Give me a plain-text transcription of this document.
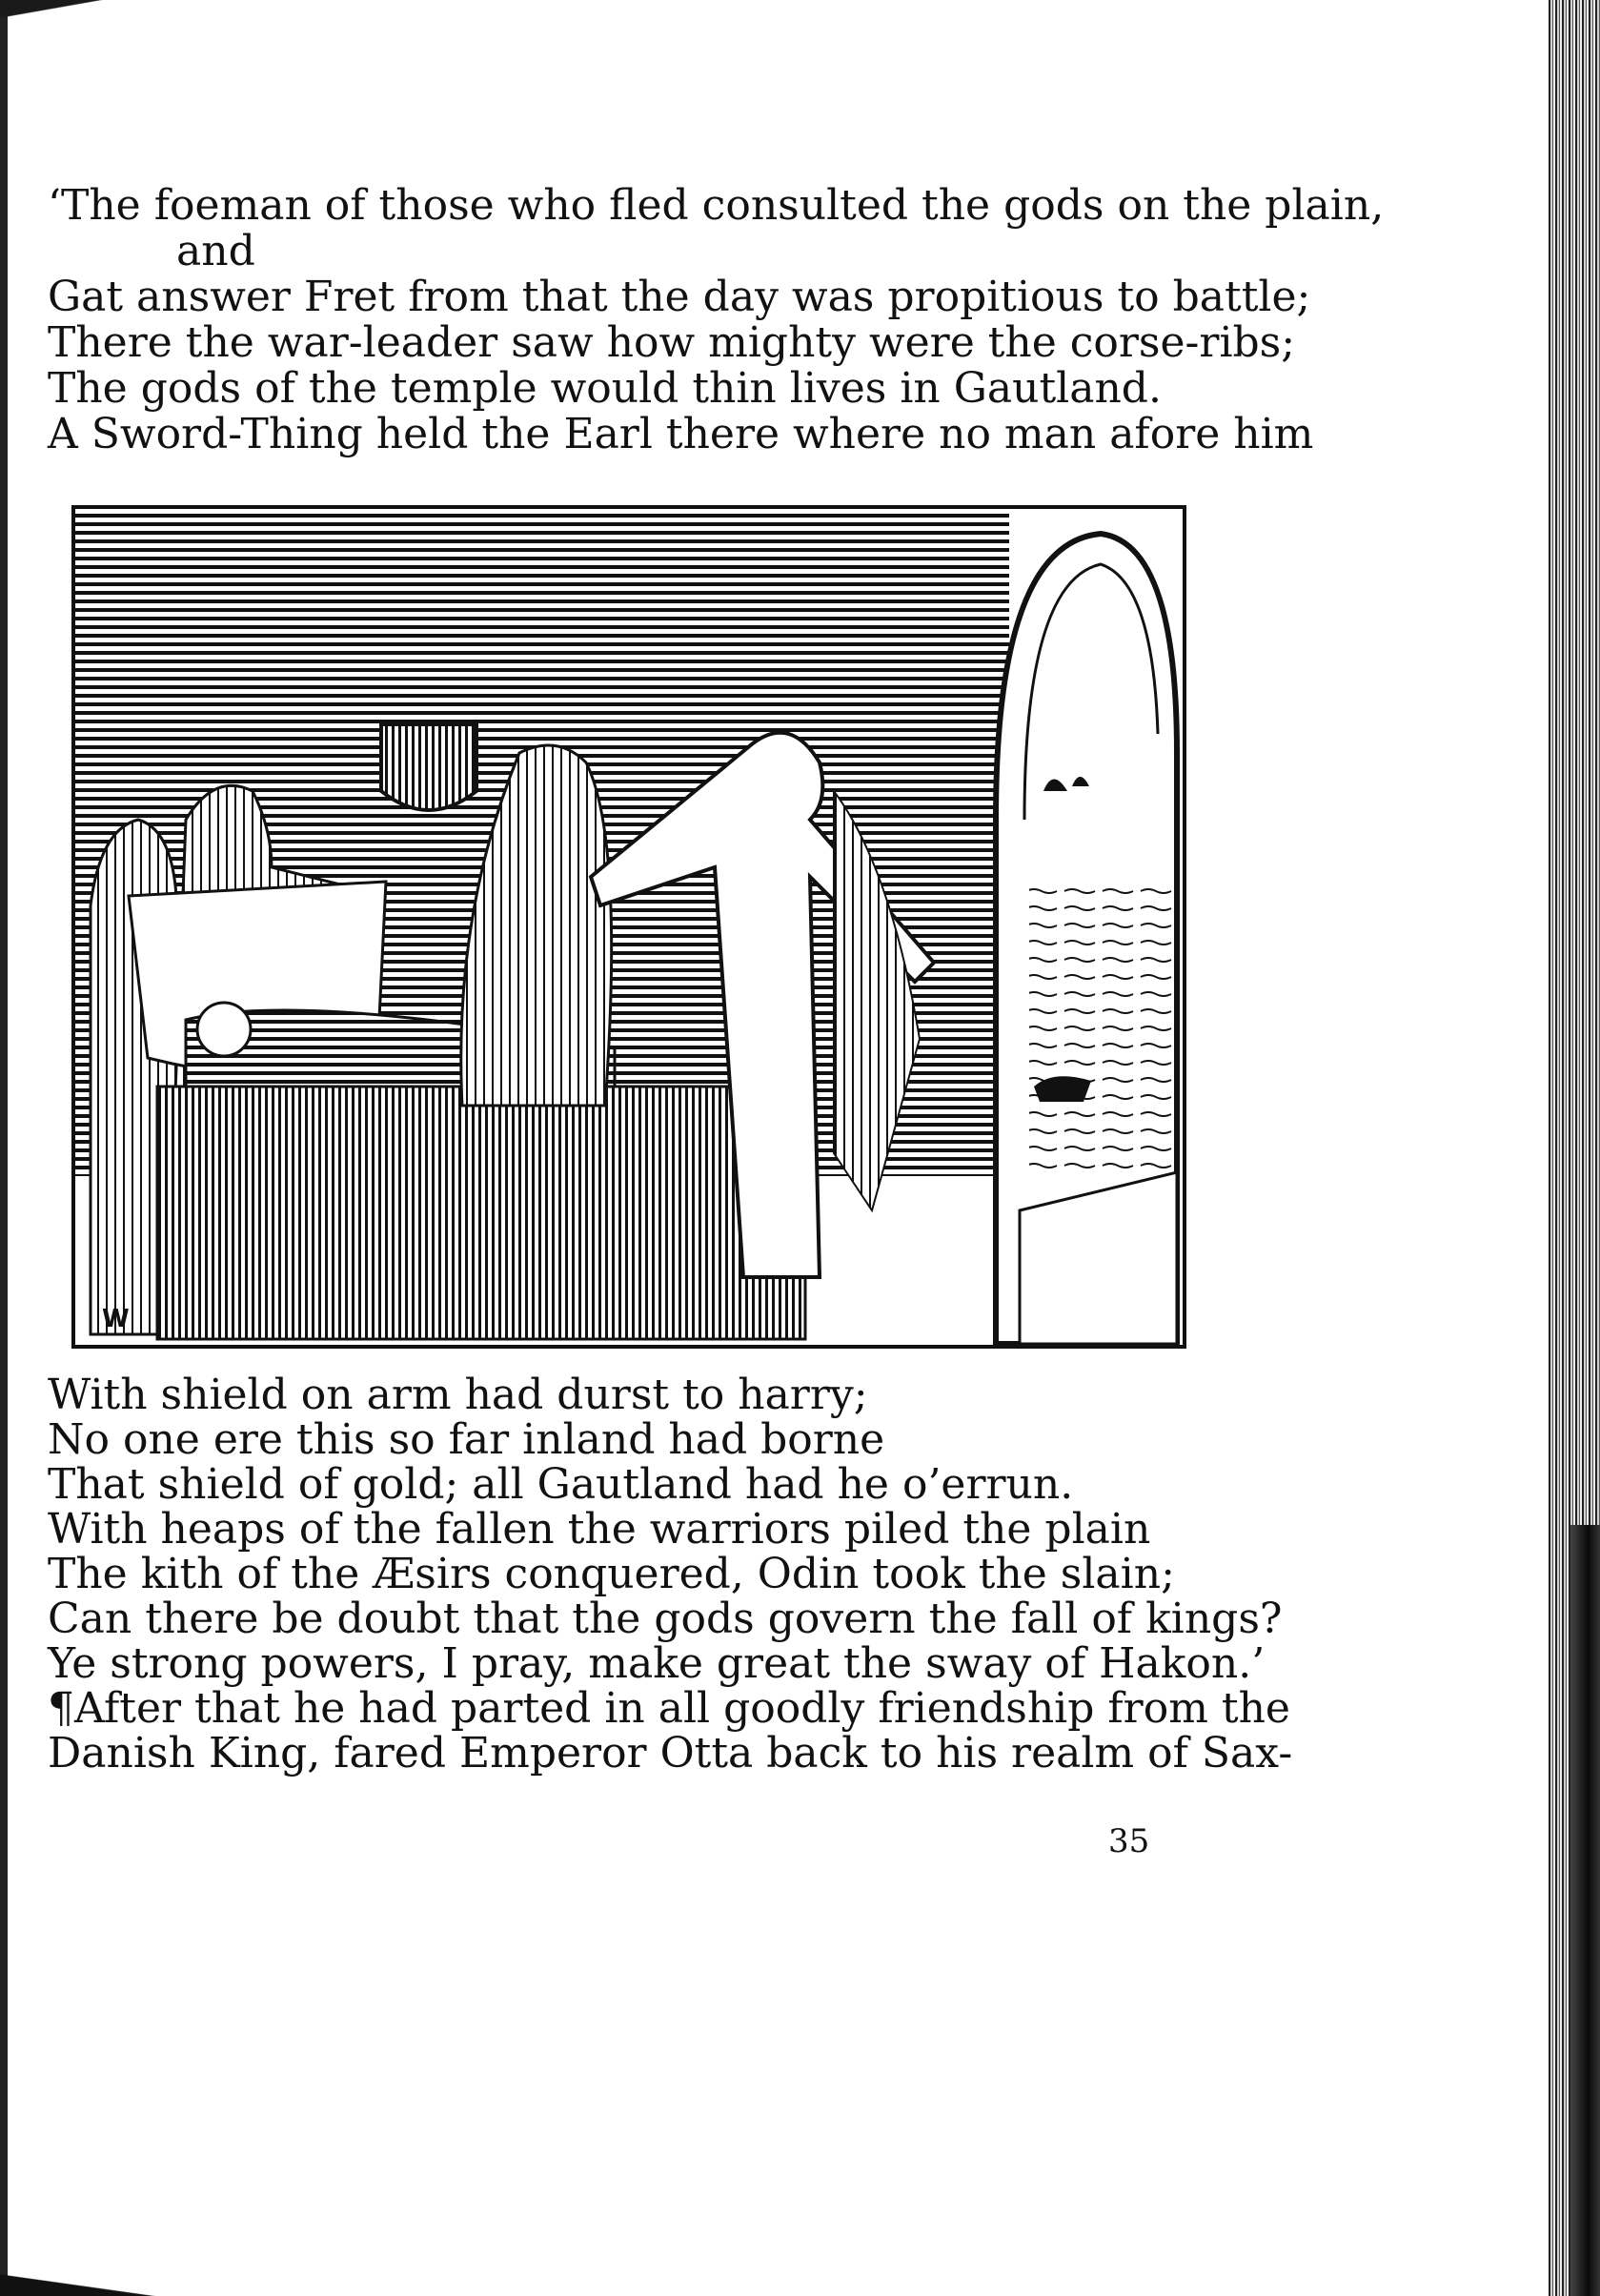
‘The foeman of those who fled consulted the gods on the plain,
and
Gat answer Fret from that the day was propitious to battle;
There the war-leader saw how mighty were the corse-ribs;
The gods of the temple would thin lives in Gautland.
A Sword-Thing held the Earl there where no man afore him
W
With shield on arm had durst to harry;
No one ere this so far inland had borne
That shield of gold; all Gautland had he o’errun.
With heaps of the fallen the warriors piled the plain
The kith of the Æsirs conquered, Odin took the slain;
Can there be doubt that the gods govern the fall of kings?
Ye strong powers, I pray, make great the sway of Hakon.’
¶After that he had parted in all goodly friendship from the
Danish King, fared Emperor Otta back to his realm of Sax-
35
